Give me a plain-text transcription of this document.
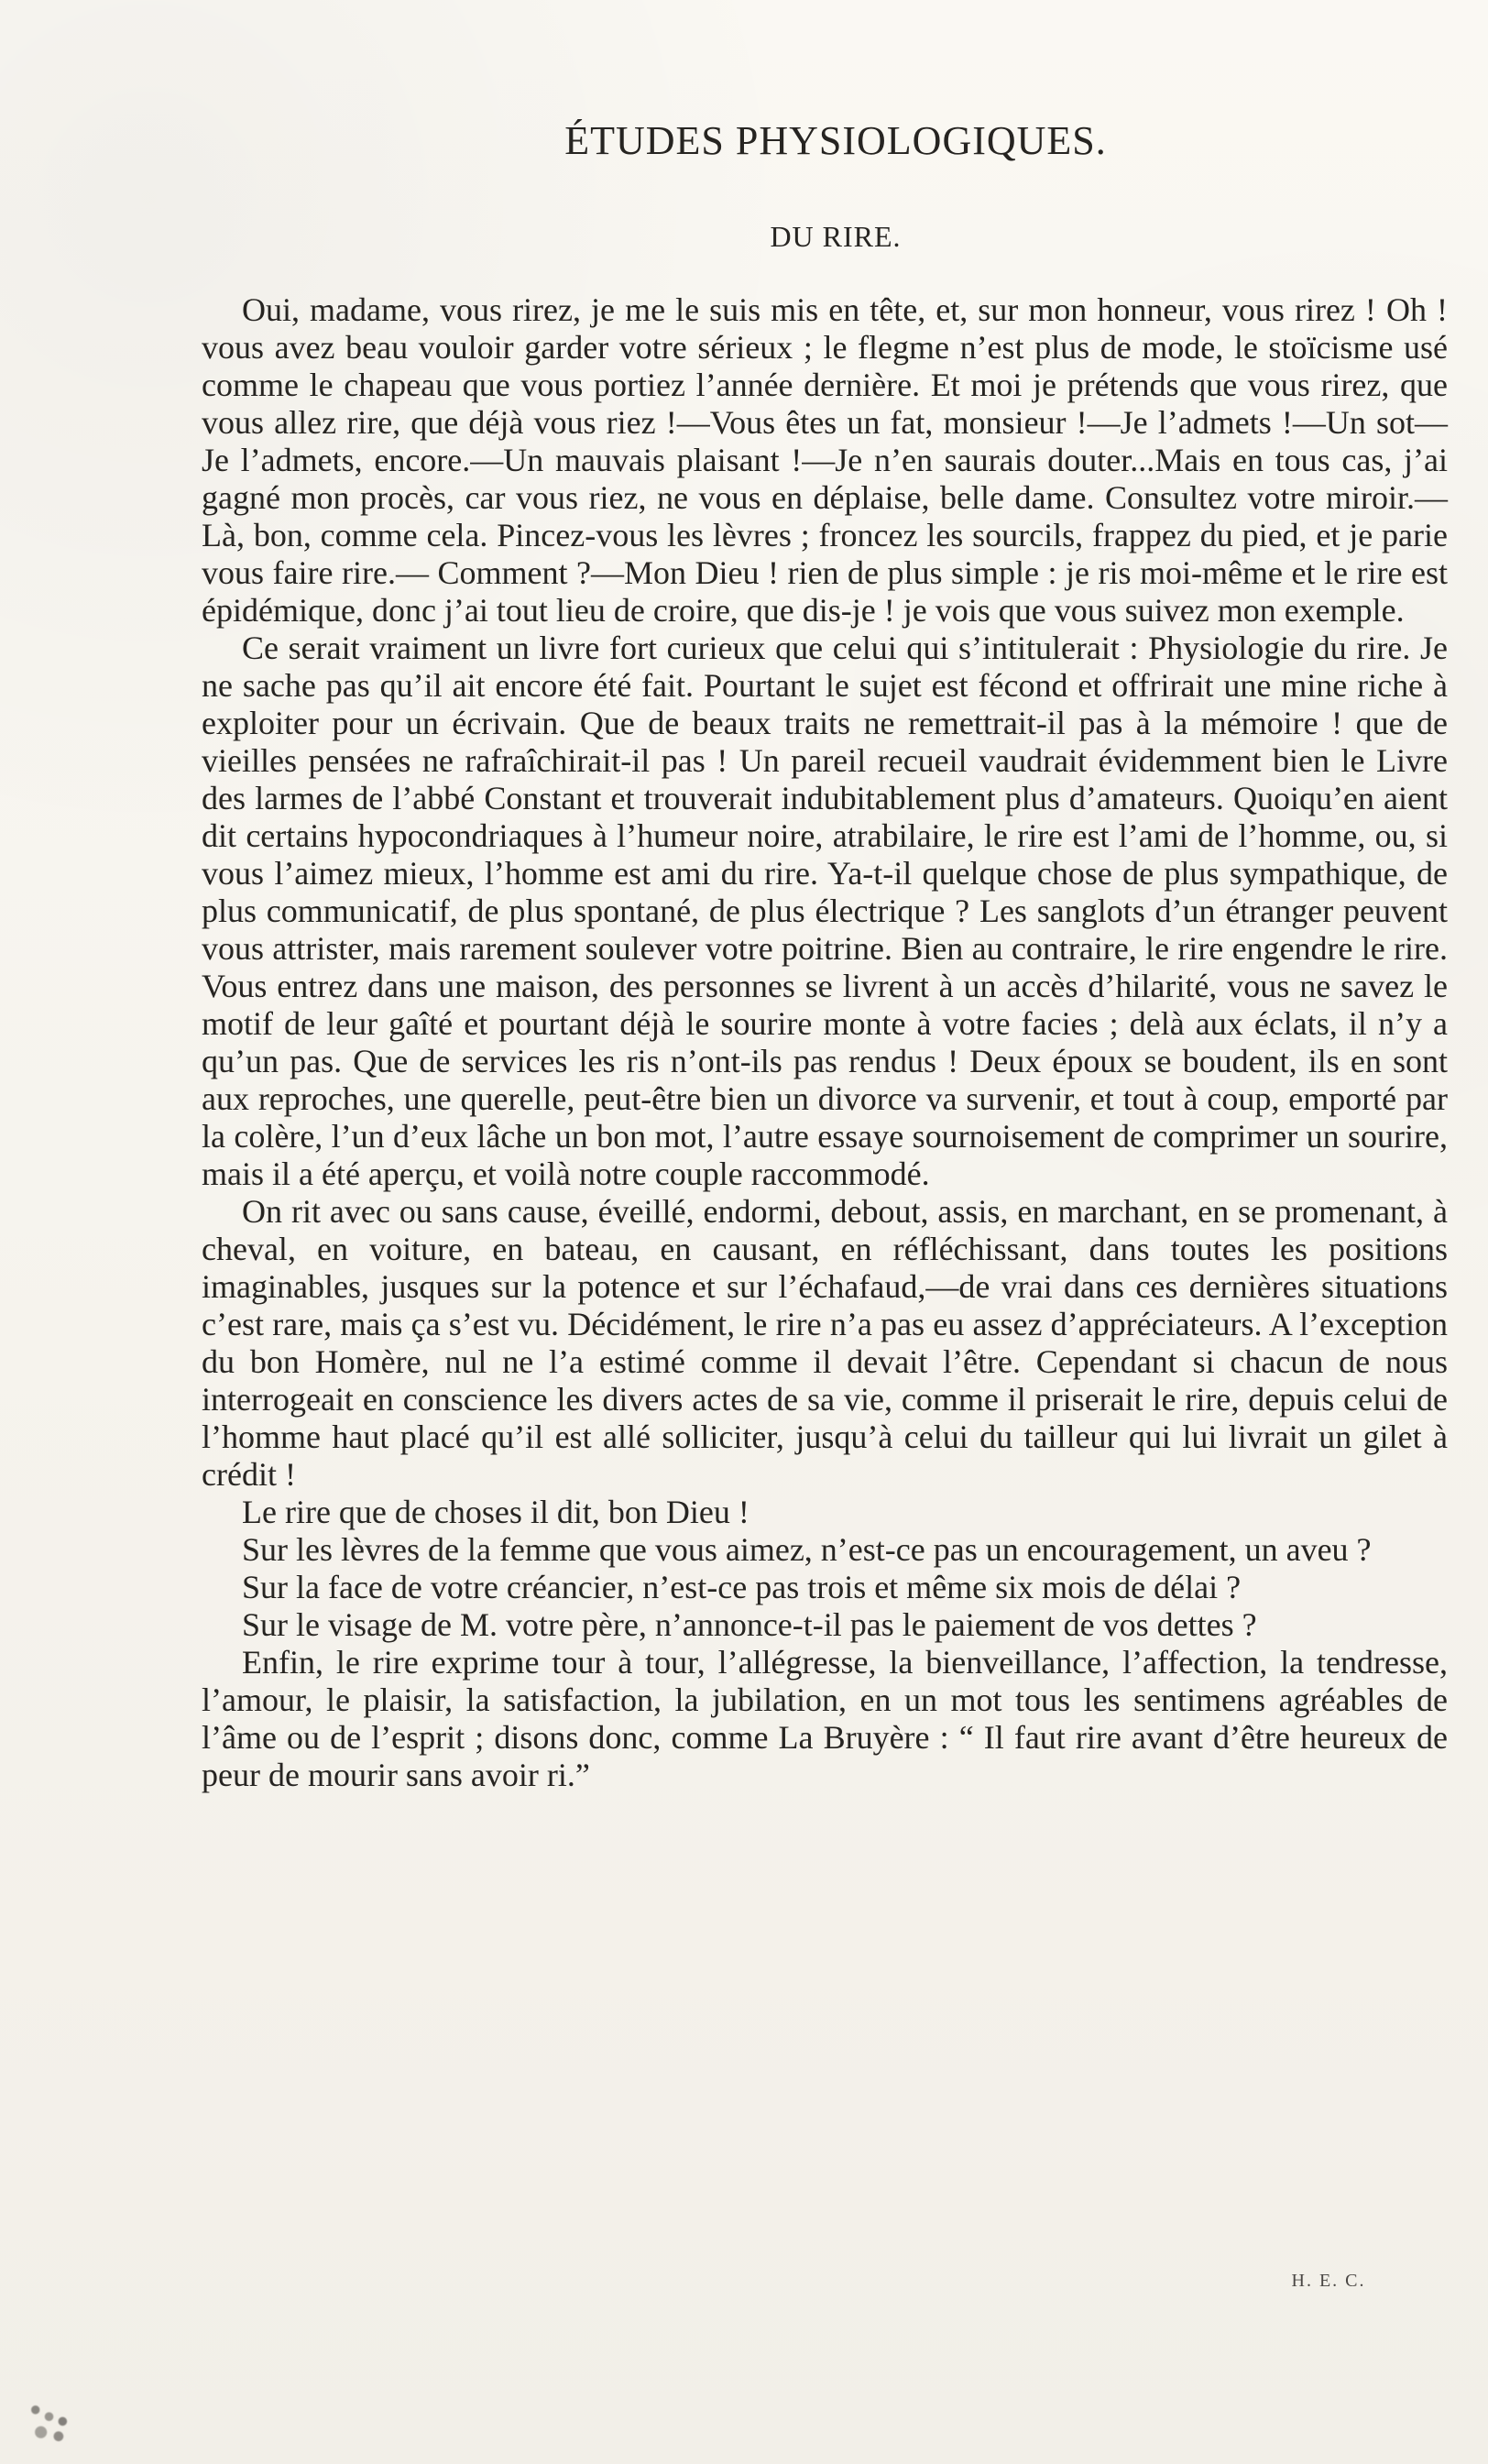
ÉTUDES PHYSIOLOGIQUES.
DU RIRE.

Oui, madame, vous rirez, je me le suis mis en tête, et, sur mon honneur, vous rirez ! Oh ! vous avez beau vouloir garder votre sérieux ; le flegme n’est plus de mode, le stoïcisme usé comme le chapeau que vous portiez l’année dernière. Et moi je prétends que vous rirez, que vous allez rire, que déjà vous riez !—Vous êtes un fat, monsieur !—Je l’admets !—Un sot— Je l’admets, encore.—Un mauvais plaisant !—Je n’en saurais douter...Mais en tous cas, j’ai gagné mon procès, car vous riez, ne vous en déplaise, belle dame. Consultez votre miroir.—Là, bon, comme cela. Pincez-vous les lèvres ; froncez les sourcils, frappez du pied, et je parie vous faire rire.— Comment ?—Mon Dieu ! rien de plus simple : je ris moi-même et le rire est épidémique, donc j’ai tout lieu de croire, que dis-je ! je vois que vous suivez mon exemple.

Ce serait vraiment un livre fort curieux que celui qui s’intitulerait : Physiologie du rire. Je ne sache pas qu’il ait encore été fait. Pourtant le sujet est fécond et offrirait une mine riche à exploiter pour un écrivain. Que de beaux traits ne remettrait-il pas à la mémoire ! que de vieilles pensées ne rafraîchirait-il pas ! Un pareil recueil vaudrait évidemment bien le Livre des larmes de l’abbé Constant et trouverait indubitablement plus d’amateurs. Quoiqu’en aient dit certains hypocondriaques à l’humeur noire, atrabilaire, le rire est l’ami de l’homme, ou, si vous l’aimez mieux, l’homme est ami du rire. Ya-t-il quelque chose de plus sympathique, de plus communicatif, de plus spontané, de plus électrique ? Les sanglots d’un étranger peuvent vous attrister, mais rarement soulever votre poitrine. Bien au contraire, le rire engendre le rire. Vous entrez dans une maison, des personnes se livrent à un accès d’hilarité, vous ne savez le motif de leur gaîté et pourtant déjà le sourire monte à votre facies ; delà aux éclats, il n’y a qu’un pas. Que de services les ris n’ont-ils pas rendus ! Deux époux se boudent, ils en sont aux reproches, une querelle, peut-être bien un divorce va survenir, et tout à coup, emporté par la colère, l’un d’eux lâche un bon mot, l’autre essaye sournoisement de comprimer un sourire, mais il a été aperçu, et voilà notre couple raccommodé.

On rit avec ou sans cause, éveillé, endormi, debout, assis, en marchant, en se promenant, à cheval, en voiture, en bateau, en causant, en réfléchissant, dans toutes les positions imaginables, jusques sur la potence et sur l’échafaud,—de vrai dans ces dernières situations c’est rare, mais ça s’est vu. Décidément, le rire n’a pas eu assez d’appréciateurs. A l’exception du bon Homère, nul ne l’a estimé comme il devait l’être. Cependant si chacun de nous interrogeait en conscience les divers actes de sa vie, comme il priserait le rire, depuis celui de l’homme haut placé qu’il est allé solliciter, jusqu’à celui du tailleur qui lui livrait un gilet à crédit !

Le rire que de choses il dit, bon Dieu !

Sur les lèvres de la femme que vous aimez, n’est-ce pas un encouragement, un aveu ?

Sur la face de votre créancier, n’est-ce pas trois et même six mois de délai ?

Sur le visage de M. votre père, n’annonce-t-il pas le paiement de vos dettes ?

Enfin, le rire exprime tour à tour, l’allégresse, la bienveillance, l’affection, la tendresse, l’amour, le plaisir, la satisfaction, la jubilation, en un mot tous les sentimens agréables de l’âme ou de l’esprit ; disons donc, comme La Bruyère : “ Il faut rire avant d’être heureux de peur de mourir sans avoir ri.”

H. E. C.
